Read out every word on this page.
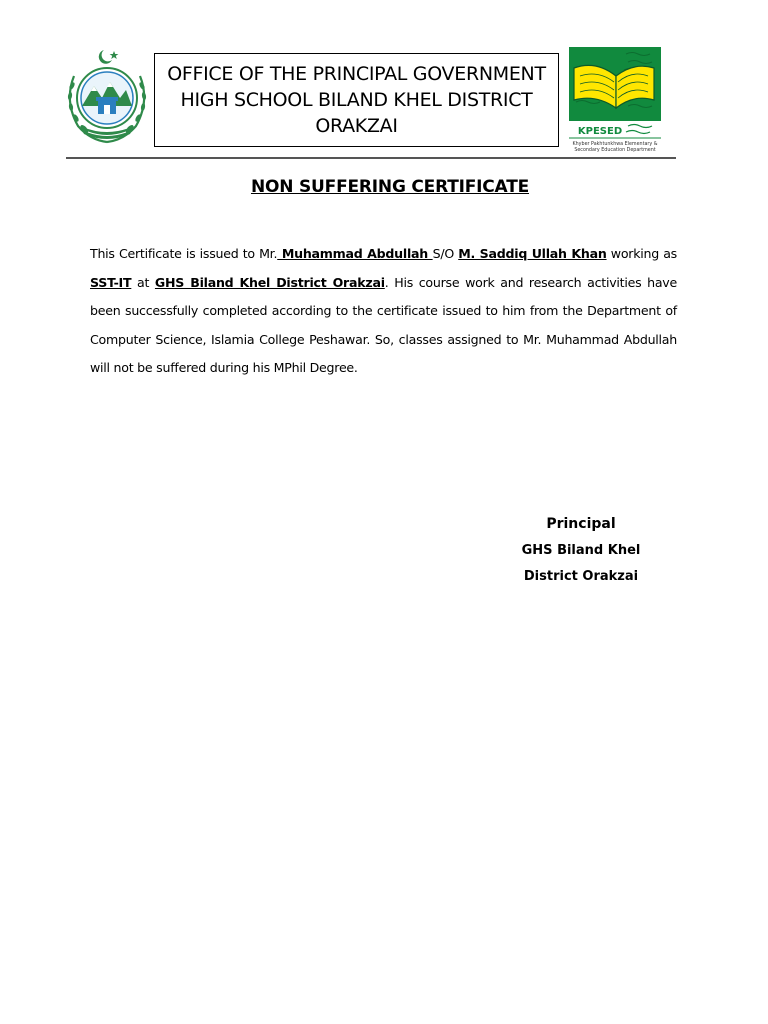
OFFICE OF THE PRINCIPAL GOVERNMENT
HIGH SCHOOL BILAND KHEL DISTRICT
ORAKZAI	KPESED
Khyber Pakhtunkhwa Elementary &
Secondary Education Department
NON SUFFERING CERTIFICATE
This Certificate is issued to Mr. Muhammad Abdullah S/O M. Saddiq Ullah Khan working as SST-IT at GHS Biland Khel District Orakzai. His course work and research activities have been successfully completed according to the certificate issued to him from the Department of Computer Science, Islamia College Peshawar. So, classes assigned to Mr. Muhammad Abdullah will not be suffered during his MPhil Degree.
Principal
GHS Biland Khel
District Orakzai
